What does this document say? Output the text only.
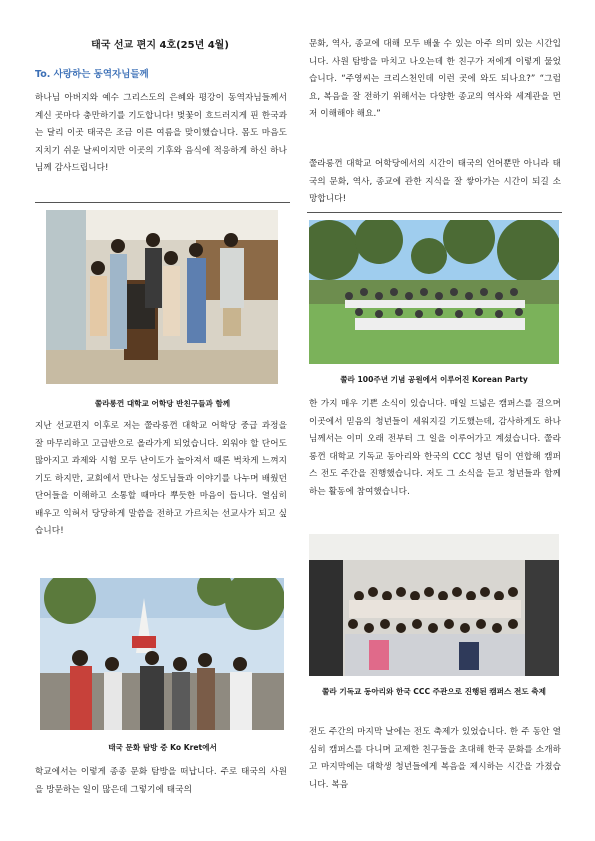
태국 선교 편지 4호(25년 4월)
To. 사랑하는 동역자님들께
하나님 아버지와 예수 그리스도의 은혜와 평강이 동역자님들께서 계신 곳마다 충만하기를 기도합니다! 벚꽃이 흐드러지게 핀 한국과는 달리 이곳 태국은 조금 이른 여름을 맞이했습니다. 몸도 마음도 지치기 쉬운 날씨이지만 이곳의 기후와 음식에 적응하게 하신 하나님께 감사드립니다!
쭐라롱껀 대학교 어학당 반친구들과 함께
지난 선교편지 이후로 저는 쭐라롱껀 대학교 어학당 중급 과정을 잘 마무리하고 고급반으로 올라가게 되었습니다. 외워야 할 단어도 많아지고 과제와 시험 모두 난이도가 높아져서 때론 벅차게 느껴지기도 하지만, 교회에서 만나는 성도님들과 이야기를 나누며 배웠던 단어들을 이해하고 소통할 때마다 뿌듯한 마음이 듭니다. 열심히 배우고 익혀서 당당하게 말씀을 전하고 가르치는 선교사가 되고 싶습니다!
태국 문화 탐방 중 Ko Kret에서
학교에서는 이렇게 종종 문화 탐방을 떠납니다. 주로 태국의 사원을 방문하는 일이 많은데 그렇기에 태국의
문화, 역사, 종교에 대해 모두 배울 수 있는 아주 의미 있는 시간입니다. 사원 탐방을 마치고 나오는데 한 친구가 저에게 이렇게 물었습니다. “주영씨는 크리스천인데 이런 곳에 와도 되나요?” “그럼요, 복음을 잘 전하기 위해서는 다양한 종교의 역사와 세계관을 먼저 이해해야 해요.”
쭐라롱껀 대학교 어학당에서의 시간이 태국의 언어뿐만 아니라 태국의 문화, 역사, 종교에 관한 지식을 잘 쌓아가는 시간이 되길 소망합니다!
쭐라 100주년 기념 공원에서 이루어진 Korean Party
한 가지 매우 기쁜 소식이 있습니다. 매일 드넓은 캠퍼스를 걸으며 이곳에서 믿음의 청년들이 세워지길 기도했는데, 감사하게도 하나님께서는 이미 오래 전부터 그 일을 이루어가고 계셨습니다. 쭐라롱껀 대학교 기독교 동아리와 한국의 CCC 청년 팀이 연합해 캠퍼스 전도 주간을 진행했습니다. 저도 그 소식을 듣고 청년들과 함께 하는 활동에 참여했습니다.
쭐라 기독교 동아리와 한국 CCC 주관으로 진행된 캠퍼스 전도 축제
전도 주간의 마지막 날에는 전도 축제가 있었습니다. 한 주 동안 열심히 캠퍼스를 다니며 교제한 친구들을 초대해 한국 문화를 소개하고 마지막에는 대학생 청년들에게 복음을 제시하는 시간을 가졌습니다. 복음
